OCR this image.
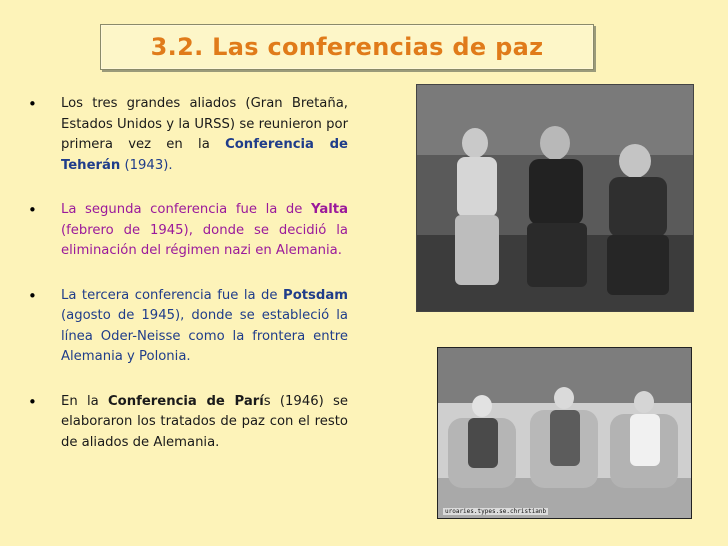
3.2. Las conferencias de paz
• Los tres grandes aliados (Gran Bretaña, Estados Unidos y la URSS) se reunieron por primera vez en la Conferencia de Teherán (1943).
• La segunda conferencia fue la de Yalta (febrero de 1945), donde se decidió la eliminación del régimen nazi en Alemania.
• La tercera conferencia fue la de Potsdam (agosto de 1945), donde se estableció la línea Oder-Neisse como la frontera entre Alemania y Polonia.
• En la Conferencia de París (1946) se elaboraron los tratados de paz con el resto de aliados de Alemania.
uroaries.types.se.christianb
